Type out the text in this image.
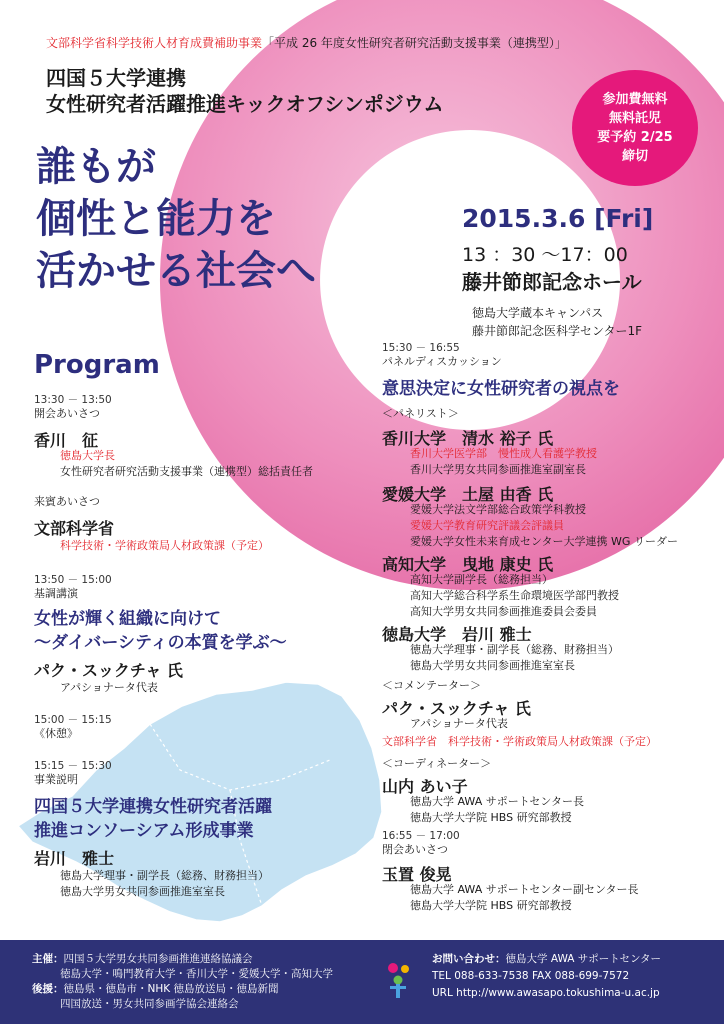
文部科学省科学技術人材育成費補助事業「平成 26 年度女性研究者研究活動支援事業（連携型）」
四国５大学連携
女性研究者活躍推進キックオフシンポジウム	参加費無料
無料託児
要予約 2/25
締切
誰もが
個性と能力を
活かせる社会へ
2015.3.6 [Fri]
13 ：30 〜17：00
藤井節郎記念ホール
徳島大学蔵本キャンパス
藤井節郎記念医科学センター1F
Program
13:30 － 13:50
開会あいさつ
香川　征
徳島大学長
女性研究者研究活動支援事業（連携型）総括責任者
来賓あいさつ
文部科学省
科学技術・学術政策局人材政策課（予定）
13:50 － 15:00
基調講演
女性が輝く組織に向けて
〜ダイバーシティの本質を学ぶ〜
パク・スックチャ 氏
アパショナータ代表
15:00 － 15:15
《休憩》
15:15 － 15:30
事業説明
四国５大学連携女性研究者活躍
推進コンソーシアム形成事業
岩川　雅士
徳島大学理事・副学長（総務、財務担当）
徳島大学男女共同参画推進室室長
15:30 － 16:55
パネルディスカッション
意思決定に女性研究者の視点を
＜パネリスト＞
香川大学　清水 裕子 氏
香川大学医学部　慢性成人看護学教授
香川大学男女共同参画推進室副室長
愛媛大学　土屋 由香 氏
愛媛大学法文学部総合政策学科教授
愛媛大学教育研究評議会評議員
愛媛大学女性未来育成センター大学連携 WG リーダー
高知大学　曳地 康史 氏
高知大学副学長（総務担当）
高知大学総合科学系生命環境医学部門教授
高知大学男女共同参画推進委員会委員
徳島大学　岩川 雅士
徳島大学理事・副学長（総務、財務担当）
徳島大学男女共同参画推進室室長
＜コメンテーター＞
パク・スックチャ 氏
アパショナータ代表
文部科学省　科学技術・学術政策局人材政策課（予定）
＜コーディネーター＞
山内 あい子
徳島大学 AWA サポートセンター長
徳島大学大学院 HBS 研究部教授
16:55 － 17:00
閉会あいさつ
玉置 俊晃
徳島大学 AWA サポートセンター副センター長
徳島大学大学院 HBS 研究部教授
主催：四国５大学男女共同参画推進連絡協議会
徳島大学・鳴門教育大学・香川大学・愛媛大学・高知大学
後援：徳島県・徳島市・NHK 徳島放送局・徳島新聞
四国放送・男女共同参画学協会連絡会
お問い合わせ：徳島大学 AWA サポートセンター
TEL 088-633-7538 FAX 088-699-7572
URL http://www.awasapo.tokushima-u.ac.jp
